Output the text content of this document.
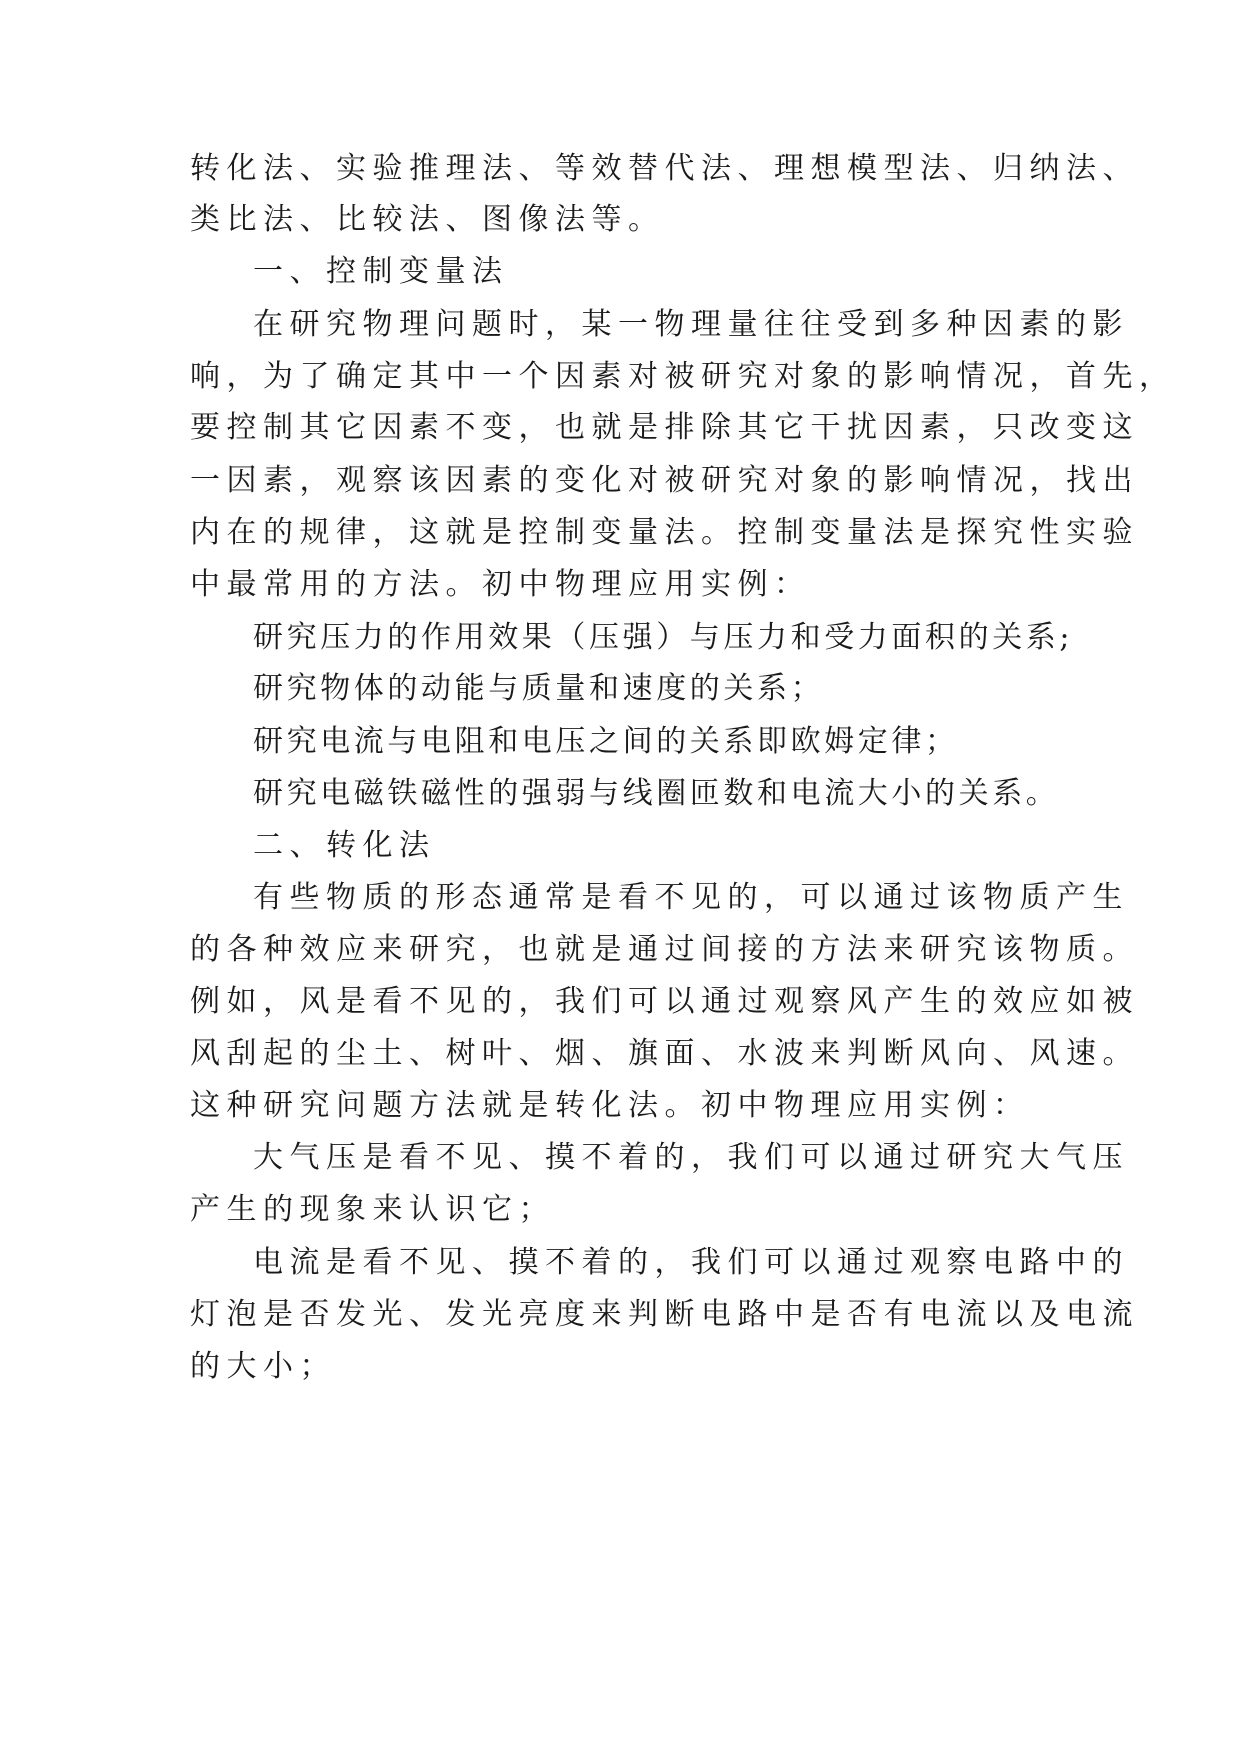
转化法、实验推理法、等效替代法、理想模型法、归纳法、
类比法、比较法、图像法等。
一、控制变量法
在研究物理问题时，某一物理量往往受到多种因素的影
响，为了确定其中一个因素对被研究对象的影响情况，首先，
要控制其它因素不变，也就是排除其它干扰因素，只改变这
一因素，观察该因素的变化对被研究对象的影响情况，找出
内在的规律，这就是控制变量法。控制变量法是探究性实验
中最常用的方法。初中物理应用实例：
研究压力的作用效果（压强）与压力和受力面积的关系;
研究物体的动能与质量和速度的关系；
研究电流与电阻和电压之间的关系即欧姆定律；
研究电磁铁磁性的强弱与线圈匝数和电流大小的关系。
二、转化法
有些物质的形态通常是看不见的，可以通过该物质产生
的各种效应来研究，也就是通过间接的方法来研究该物质。
例如，风是看不见的，我们可以通过观察风产生的效应如被
风刮起的尘土、树叶、烟、旗面、水波来判断风向、风速。
这种研究问题方法就是转化法。初中物理应用实例：
大气压是看不见、摸不着的，我们可以通过研究大气压
产生的现象来认识它；
电流是看不见、摸不着的，我们可以通过观察电路中的
灯泡是否发光、发光亮度来判断电路中是否有电流以及电流
的大小；
